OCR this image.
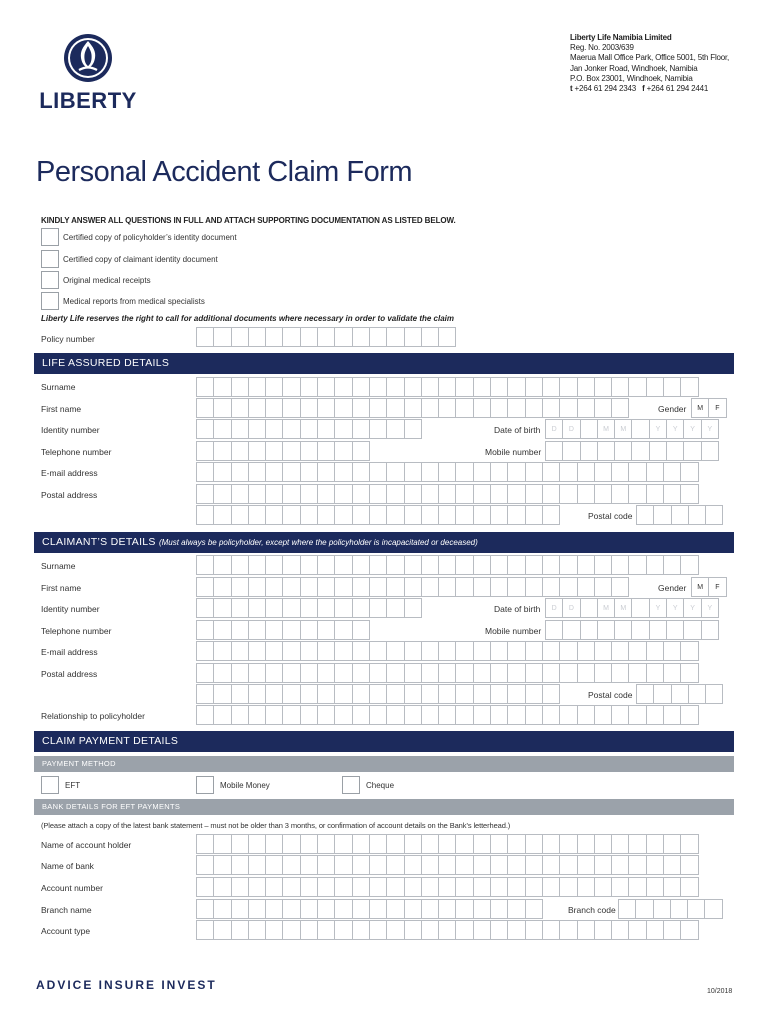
LIBERTY
Liberty Life Namibia Limited
Reg. No. 2003/639
Maerua Mall Office Park, Office 5001, 5th Floor,
Jan Jonker Road, Windhoek, Namibia
P.O. Box 23001, Windhoek, Namibia
t +264 61 294 2343 f +264 61 294 2441
Personal Accident Claim Form
KINDLY ANSWER ALL QUESTIONS IN FULL AND ATTACH SUPPORTING DOCUMENTATION AS LISTED BELOW.
Certified copy of policyholder’s identity document
Certified copy of claimant identity document
Original medical receipts
Medical reports from medical specialists
Liberty Life reserves the right to call for additional documents where necessary in order to validate the claim
Policy number
LIFE ASSURED DETAILS
Surname
First name	Gender	M	F
Identity number	Date of birth	D	D	M	M	Y	Y	Y	Y
Telephone number	Mobile number
E-mail address
Postal address
Postal code
CLAIMANT’S DETAILS (Must always be policyholder, except where the policyholder is incapacitated or deceased)
Surname
First name	Gender	M	F
Identity number	Date of birth	D	D	M	M	Y	Y	Y	Y
Telephone number	Mobile number
E-mail address
Postal address
Postal code
Relationship to policyholder
CLAIM PAYMENT DETAILS
PAYMENT METHOD
EFT	Mobile Money	Cheque
BANK DETAILS FOR EFT PAYMENTS
(Please attach a copy of the latest bank statement – must not be older than 3 months, or confirmation of account details on the Bank’s letterhead.)
Name of account holder
Name of bank
Account number
Branch name	Branch code
Account type
ADVICE INSURE INVEST	10/2018
